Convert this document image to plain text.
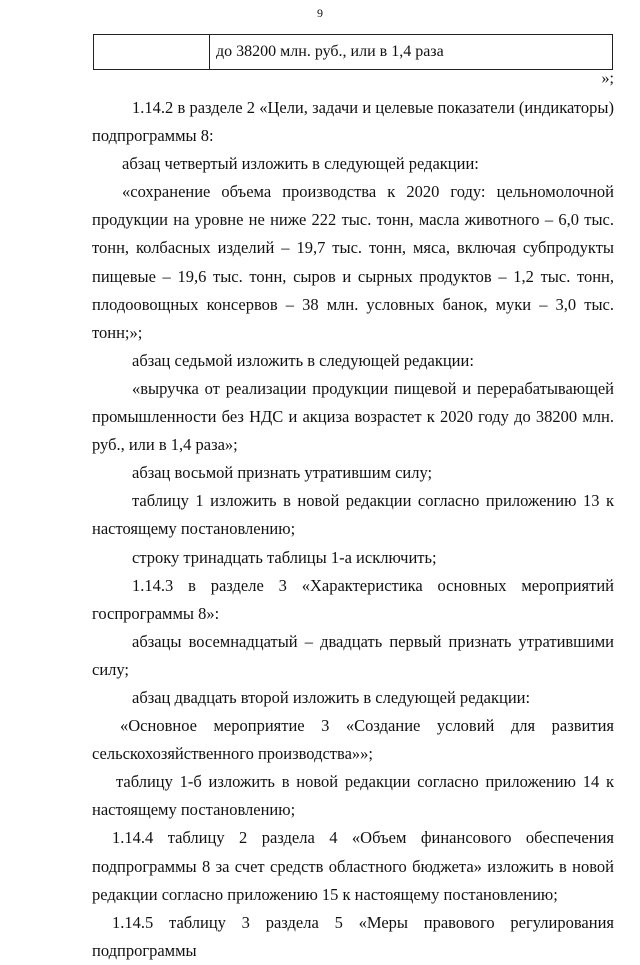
9
	до 38200 млн. руб., или в 1,4 раза
»;

1.14.2 в разделе 2 «Цели, задачи и целевые показатели (индикаторы) подпрограммы 8:

абзац четвертый изложить в следующей редакции:

«сохранение объема производства к 2020 году: цельномолочной продукции на уровне не ниже 222 тыс. тонн, масла животного – 6,0 тыс. тонн, колбасных изделий – 19,7 тыс. тонн, мяса, включая субпродукты пищевые – 19,6 тыс. тонн, сыров и сырных продуктов – 1,2 тыс. тонн, плодоовощных консервов – 38 млн. условных банок, муки – 3,0 тыс. тонн;»;

абзац седьмой изложить в следующей редакции:

«выручка от реализации продукции пищевой и перерабатывающей промышленности без НДС и акциза возрастет к 2020 году до 38200 млн. руб., или в 1,4 раза»;

абзац восьмой признать утратившим силу;

таблицу 1 изложить в новой редакции согласно приложению 13 к настоящему постановлению;

строку тринадцать таблицы 1-а исключить;

1.14.3 в разделе 3 «Характеристика основных мероприятий госпрограммы 8»:

абзацы восемнадцатый – двадцать первый признать утратившими силу;

абзац двадцать второй изложить в следующей редакции:

«Основное мероприятие 3 «Создание условий для развития сельскохозяйственного производства»»;

таблицу 1-б изложить в новой редакции согласно приложению 14 к настоящему постановлению;

1.14.4 таблицу 2 раздела 4 «Объем финансового обеспечения подпрограммы 8 за счет средств областного бюджета» изложить в новой редакции согласно приложению 15 к настоящему постановлению;

1.14.5 таблицу 3 раздела 5 «Меры правового регулирования подпрограммы
